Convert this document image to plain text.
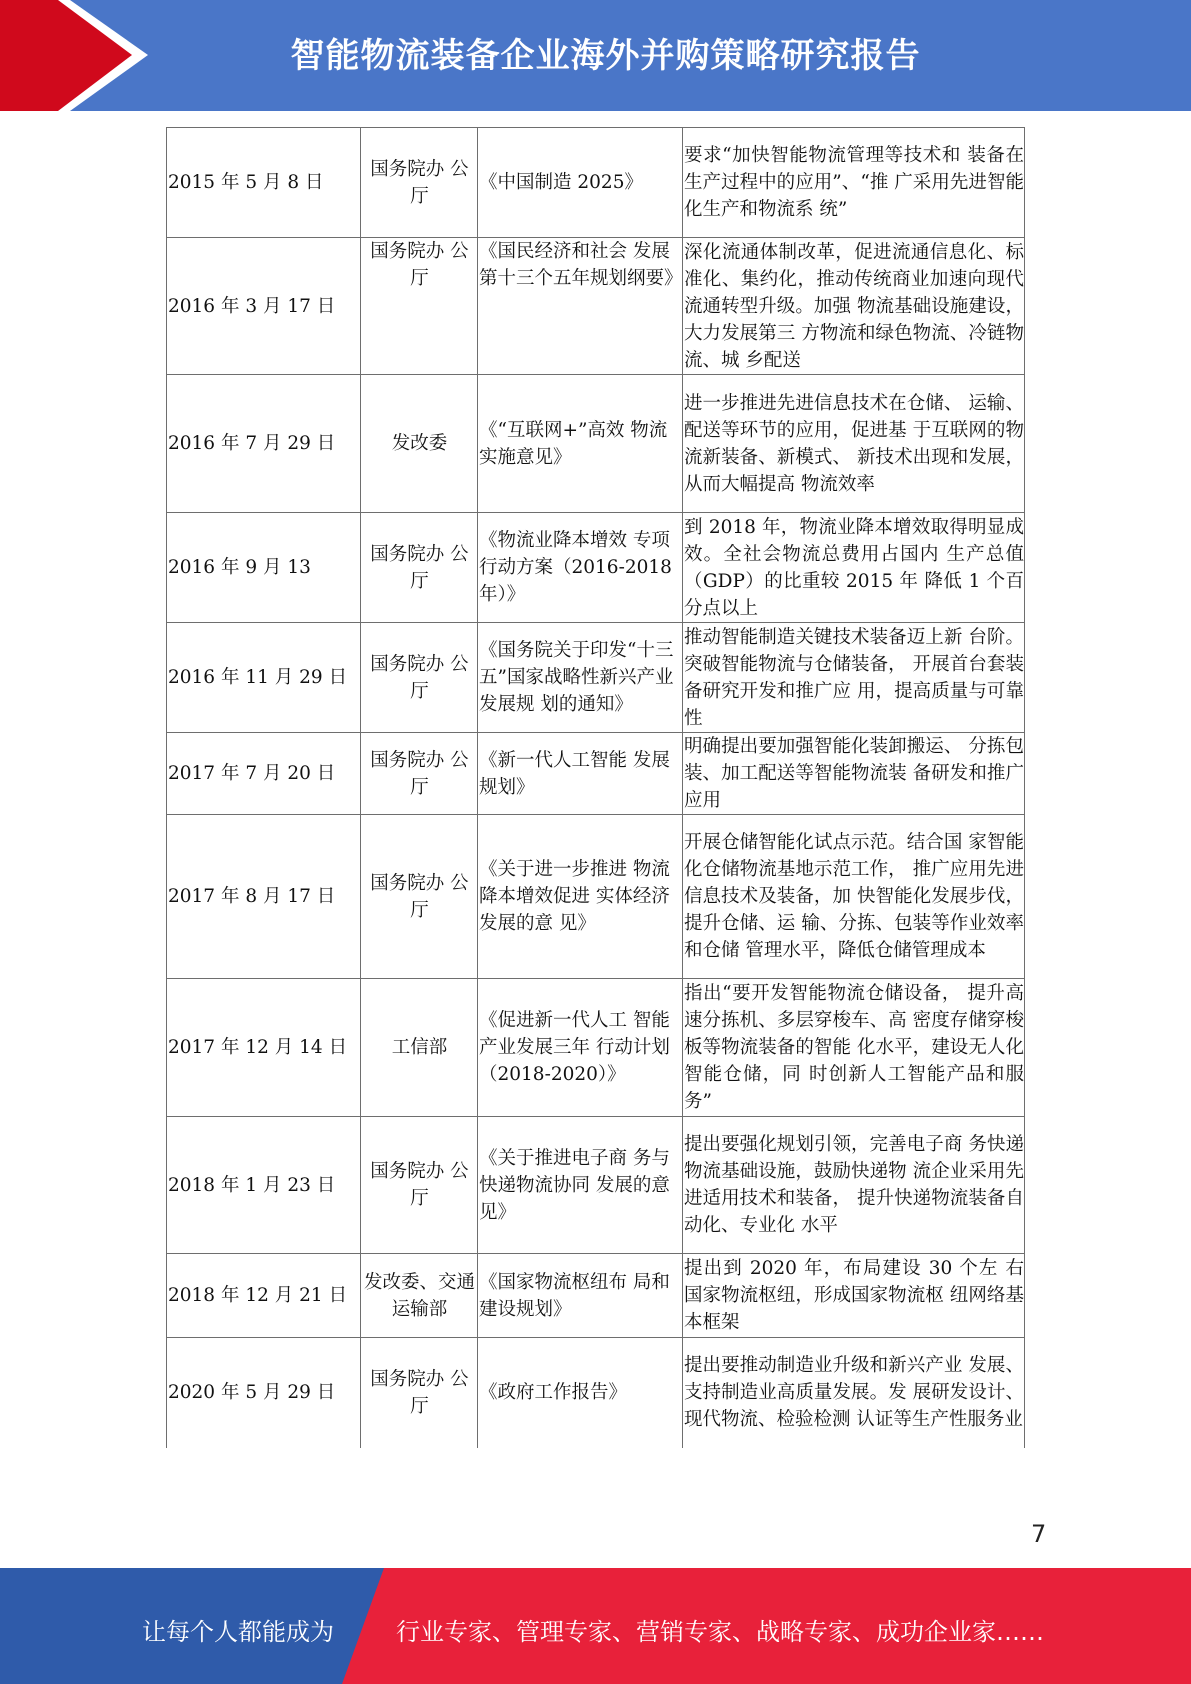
智能物流装备企业海外并购策略研究报告
2015 年 5 月 8 日	国务院办 公厅	《中国制造 2025》	要求“加快智能物流管理等技术和 装备在生产过程中的应用”、“推 广采用先进智能化生产和物流系 统”
2016 年 3 月 17 日	国务院办 公厅	《国民经济和社会 发展第十三个五年规划纲要》	深化流通体制改革，促进流通信息化、标准化、集约化，推动传统商业加速向现代流通转型升级。加强 物流基础设施建设，大力发展第三 方物流和绿色物流、冷链物流、城 乡配送
2016 年 7 月 29 日	发改委	《“互联网+”高效 物流实施意见》	进一步推进先进信息技术在仓储、 运输、配送等环节的应用，促进基 于互联网的物流新装备、新模式、 新技术出现和发展，从而大幅提高 物流效率
2016 年 9 月 13	国务院办 公厅	《物流业降本增效 专项行动方案（2016-2018 年）》	到 2018 年，物流业降本增效取得明显成效。全社会物流总费用占国内 生产总值（GDP）的比重较 2015 年 降低 1 个百分点以上
2016 年 11 月 29 日	国务院办 公厅	《国务院关于印发“十三五”国家战略性新兴产业发展规 划的通知》	推动智能制造关键技术装备迈上新 台阶。突破智能物流与仓储装备， 开展首台套装备研究开发和推广应 用，提高质量与可靠性
2017 年 7 月 20 日	国务院办 公厅	《新一代人工智能 发展规划》	明确提出要加强智能化装卸搬运、 分拣包装、加工配送等智能物流装 备研发和推广应用
2017 年 8 月 17 日	国务院办 公厅	《关于进一步推进 物流降本增效促进 实体经济发展的意 见》	开展仓储智能化试点示范。结合国 家智能化仓储物流基地示范工作， 推广应用先进信息技术及装备，加 快智能化发展步伐，提升仓储、运 输、分拣、包装等作业效率和仓储 管理水平，降低仓储管理成本
2017 年 12 月 14 日	工信部	《促进新一代人工 智能产业发展三年 行动计划（2018-2020）》	指出“要开发智能物流仓储设备， 提升高速分拣机、多层穿梭车、高 密度存储穿梭板等物流装备的智能 化水平，建设无人化智能仓储，同 时创新人工智能产品和服务”
2018 年 1 月 23 日	国务院办 公厅	《关于推进电子商 务与快递物流协同 发展的意见》	提出要强化规划引领，完善电子商 务快递物流基础设施，鼓励快递物 流企业采用先进适用技术和装备， 提升快递物流装备自动化、专业化 水平
2018 年 12 月 21 日	发改委、交通运输部	《国家物流枢纽布 局和建设规划》	提出到 2020 年，布局建设 30 个左 右国家物流枢纽，形成国家物流枢 纽网络基本框架
2020 年 5 月 29 日	国务院办 公厅	《政府工作报告》	提出要推动制造业升级和新兴产业 发展、支持制造业高质量发展。发 展研发设计、现代物流、检验检测 认证等生产性服务业
7
让每个人都能成为	行业专家、管理专家、营销专家、战略专家、成功企业家……
